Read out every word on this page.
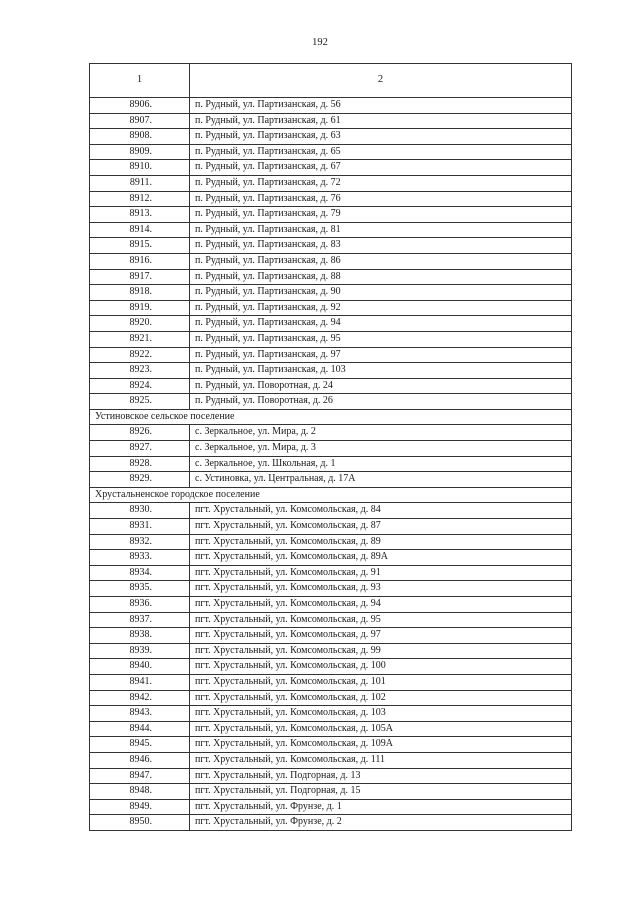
192
1	2
8906.	п. Рудный, ул. Партизанская, д. 56
8907.	п. Рудный, ул. Партизанская, д. 61
8908.	п. Рудный, ул. Партизанская, д. 63
8909.	п. Рудный, ул. Партизанская, д. 65
8910.	п. Рудный, ул. Партизанская, д. 67
8911.	п. Рудный, ул. Партизанская, д. 72
8912.	п. Рудный, ул. Партизанская, д. 76
8913.	п. Рудный, ул. Партизанская, д. 79
8914.	п. Рудный, ул. Партизанская, д. 81
8915.	п. Рудный, ул. Партизанская, д. 83
8916.	п. Рудный, ул. Партизанская, д. 86
8917.	п. Рудный, ул. Партизанская, д. 88
8918.	п. Рудный, ул. Партизанская, д. 90
8919.	п. Рудный, ул. Партизанская, д. 92
8920.	п. Рудный, ул. Партизанская, д. 94
8921.	п. Рудный, ул. Партизанская, д. 95
8922.	п. Рудный, ул. Партизанская, д. 97
8923.	п. Рудный, ул. Партизанская, д. 103
8924.	п. Рудный, ул. Поворотная, д. 24
8925.	п. Рудный, ул. Поворотная, д. 26
Устиновское сельское поселение	
8926.	с. Зеркальное, ул. Мира, д. 2
8927.	с. Зеркальное, ул. Мира, д. 3
8928.	с. Зеркальное, ул. Школьная, д. 1
8929.	с. Устиновка, ул. Центральная, д. 17А
Хрустальненское городское поселение	
8930.	пгт. Хрустальный, ул. Комсомольская, д. 84
8931.	пгт. Хрустальный, ул. Комсомольская, д. 87
8932.	пгт. Хрустальный, ул. Комсомольская, д. 89
8933.	пгт. Хрустальный, ул. Комсомольская, д. 89А
8934.	пгт. Хрустальный, ул. Комсомольская, д. 91
8935.	пгт. Хрустальный, ул. Комсомольская, д. 93
8936.	пгт. Хрустальный, ул. Комсомольская, д. 94
8937.	пгт. Хрустальный, ул. Комсомольская, д. 95
8938.	пгт. Хрустальный, ул. Комсомольская, д. 97
8939.	пгт. Хрустальный, ул. Комсомольская, д. 99
8940.	пгт. Хрустальный, ул. Комсомольская, д. 100
8941.	пгт. Хрустальный, ул. Комсомольская, д. 101
8942.	пгт. Хрустальный, ул. Комсомольская, д. 102
8943.	пгт. Хрустальный, ул. Комсомольская, д. 103
8944.	пгт. Хрустальный, ул. Комсомольская, д. 105А
8945.	пгт. Хрустальный, ул. Комсомольская, д. 109А
8946.	пгт. Хрустальный, ул. Комсомольская, д. 111
8947.	пгт. Хрустальный, ул. Подгорная, д. 13
8948.	пгт. Хрустальный, ул. Подгорная, д. 15
8949.	пгт. Хрустальный, ул. Фрунзе, д. 1
8950.	пгт. Хрустальный, ул. Фрунзе, д. 2
